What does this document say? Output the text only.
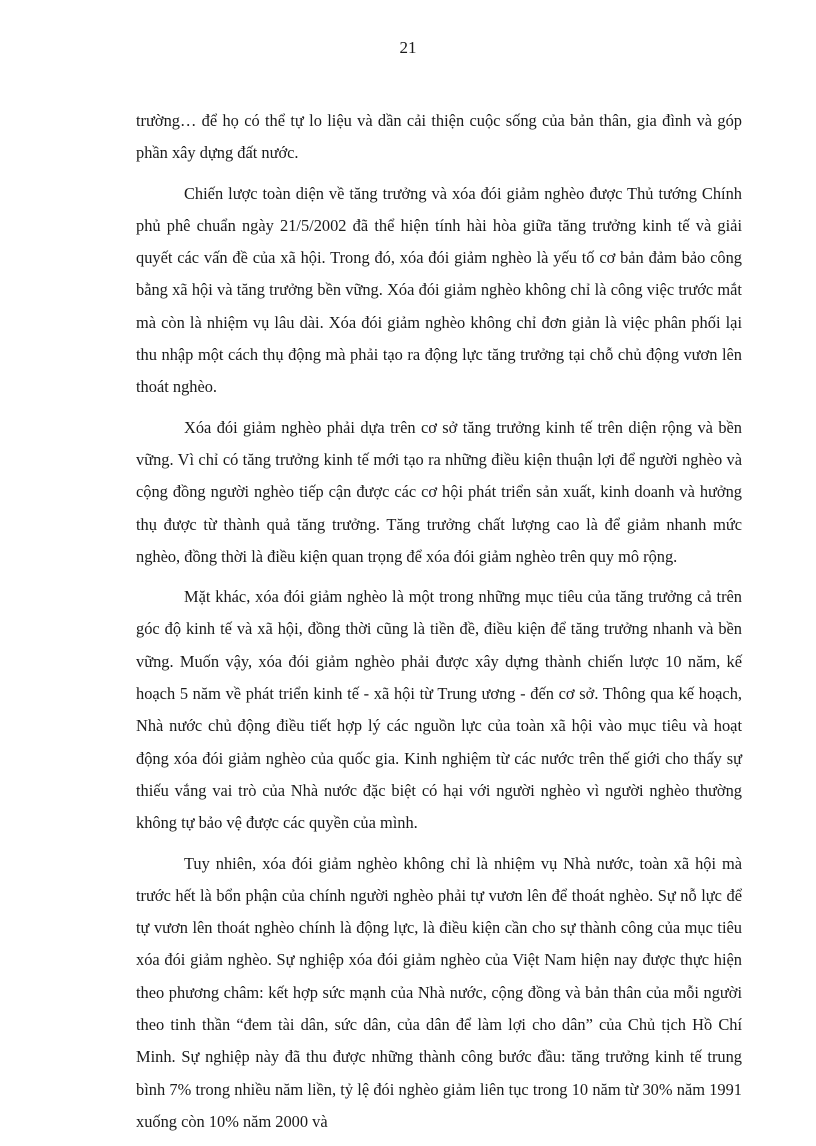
21

trường… để họ có thể tự lo liệu và dần cải thiện cuộc sống của bản thân, gia đình và góp phần xây dựng đất nước.

Chiến lược toàn diện về tăng trưởng và xóa đói giảm nghèo được Thủ tướng Chính phủ phê chuẩn ngày 21/5/2002 đã thể hiện tính hài hòa giữa tăng trưởng kinh tế và giải quyết các vấn đề của xã hội. Trong đó, xóa đói giảm nghèo là yếu tố cơ bản đảm bảo công bằng xã hội và tăng trưởng bền vững. Xóa đói giảm nghèo không chỉ là công việc trước mắt mà còn là nhiệm vụ lâu dài. Xóa đói giảm nghèo không chỉ đơn giản là việc phân phối lại thu nhập một cách thụ động mà phải tạo ra động lực tăng trưởng tại chỗ chủ động vươn lên thoát nghèo.

Xóa đói giảm nghèo phải dựa trên cơ sở tăng trưởng kinh tế trên diện rộng và bền vững. Vì chỉ có tăng trưởng kinh tế mới tạo ra những điều kiện thuận lợi để người nghèo và cộng đồng người nghèo tiếp cận được các cơ hội phát triển sản xuất, kinh doanh và hưởng thụ được từ thành quả tăng trưởng. Tăng trưởng chất lượng cao là để giảm nhanh mức nghèo, đồng thời là điều kiện quan trọng để xóa đói giảm nghèo trên quy mô rộng.

Mặt khác, xóa đói giảm nghèo là một trong những mục tiêu của tăng trưởng cả trên góc độ kinh tế và xã hội, đồng thời cũng là tiền đề, điều kiện để tăng trưởng nhanh và bền vững. Muốn vậy, xóa đói giảm nghèo phải được xây dựng thành chiến lược 10 năm, kế hoạch 5 năm về phát triển kinh tế - xã hội từ Trung ương - đến cơ sở. Thông qua kế hoạch, Nhà nước chủ động điều tiết hợp lý các nguồn lực của toàn xã hội vào mục tiêu và hoạt động xóa đói giảm nghèo của quốc gia. Kinh nghiệm từ các nước trên thế giới cho thấy sự thiếu vắng vai trò của Nhà nước đặc biệt có hại với người nghèo vì người nghèo thường không tự bảo vệ được các quyền của mình.

Tuy nhiên, xóa đói giảm nghèo không chỉ là nhiệm vụ Nhà nước, toàn xã hội mà trước hết là bổn phận của chính người nghèo phải tự vươn lên để thoát nghèo. Sự nỗ lực để tự vươn lên thoát nghèo chính là động lực, là điều kiện cần cho sự thành công của mục tiêu xóa đói giảm nghèo. Sự nghiệp xóa đói giảm nghèo của Việt Nam hiện nay được thực hiện theo phương châm: kết hợp sức mạnh của Nhà nước, cộng đồng và bản thân của mỗi người theo tinh thần “đem tài dân, sức dân, của dân để làm lợi cho dân” của Chủ tịch Hồ Chí Minh. Sự nghiệp này đã thu được những thành công bước đầu: tăng trưởng kinh tế trung bình 7% trong nhiều năm liền, tỷ lệ đói nghèo giảm liên tục trong 10 năm từ 30% năm 1991 xuống còn 10% năm 2000 và
